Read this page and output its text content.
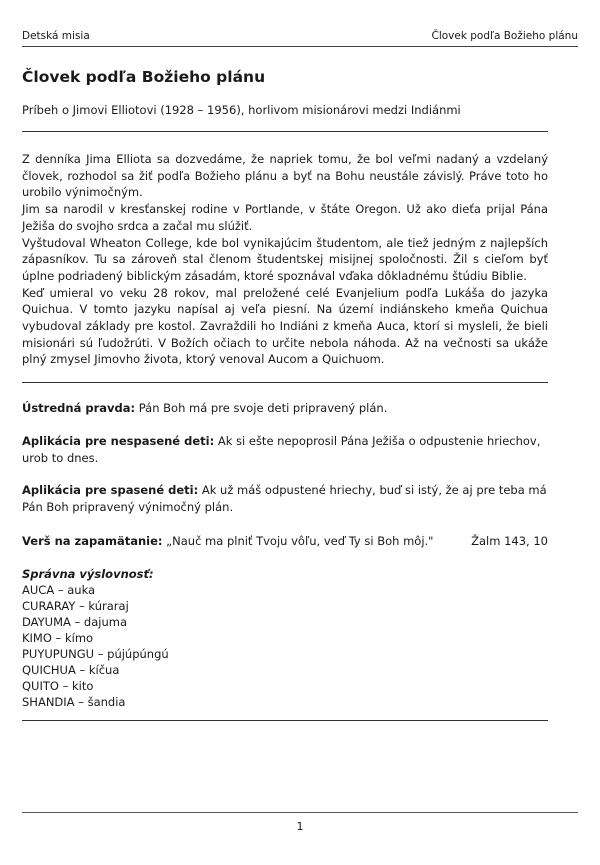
Detská misia	Človek podľa Božieho plánu
Človek podľa Božieho plánu
Príbeh o Jimovi Elliotovi (1928 – 1956), horlivom misionárovi medzi Indiánmi

Z denníka Jima Elliota sa dozvedáme, že napriek tomu, že bol veľmi nadaný a vzdelaný človek, rozhodol sa žiť podľa Božieho plánu a byť na Bohu neustále závislý. Práve toto ho urobilo výnimočným.

Jim sa narodil v kresťanskej rodine v Portlande, v štáte Oregon. Už ako dieťa prijal Pána Ježiša do svojho srdca a začal mu slúžiť.

Vyštudoval Wheaton College, kde bol vynikajúcim študentom, ale tiež jedným z najlepších zápasníkov. Tu sa zároveň stal členom študentskej misijnej spoločnosti. Žil s cieľom byť úplne podriadený biblickým zásadám, ktoré spoznával vďaka dôkladnému štúdiu Biblie.

Keď umieral vo veku 28 rokov, mal preložené celé Evanjelium podľa Lukáša do jazyka Quichua. V tomto jazyku napísal aj veľa piesní. Na území indiánskeho kmeňa Quichua vybudoval základy pre kostol. Zavraždili ho Indiáni z kmeňa Auca, ktorí si mysleli, že bieli misionári sú ľudožrúti. V Božích očiach to určite nebola náhoda. Až na večnosti sa ukáže plný zmysel Jimovho života, ktorý venoval Aucom a Quichuom.

Ústredná pravda: Pán Boh má pre svoje deti pripravený plán.
Aplikácia pre nespasené deti: Ak si ešte nepoprosil Pána Ježiša o odpustenie hriechov, urob to dnes.
Aplikácia pre spasené deti: Ak už máš odpustené hriechy, buď si istý, že aj pre teba má Pán Boh pripravený výnimočný plán.
Verš na zapamätanie: „Nauč ma plniť Tvoju vôľu, veď Ty si Boh môj."	Žalm 143, 10
Správna výslovnosť:
AUCA – auka
CURARAY – kúraraj
DAYUMA – dajuma
KIMO – kímo
PUYUPUNGU – pújúpúngú
QUICHUA – kíčua
QUITO – kito
SHANDIA – šandia
1
